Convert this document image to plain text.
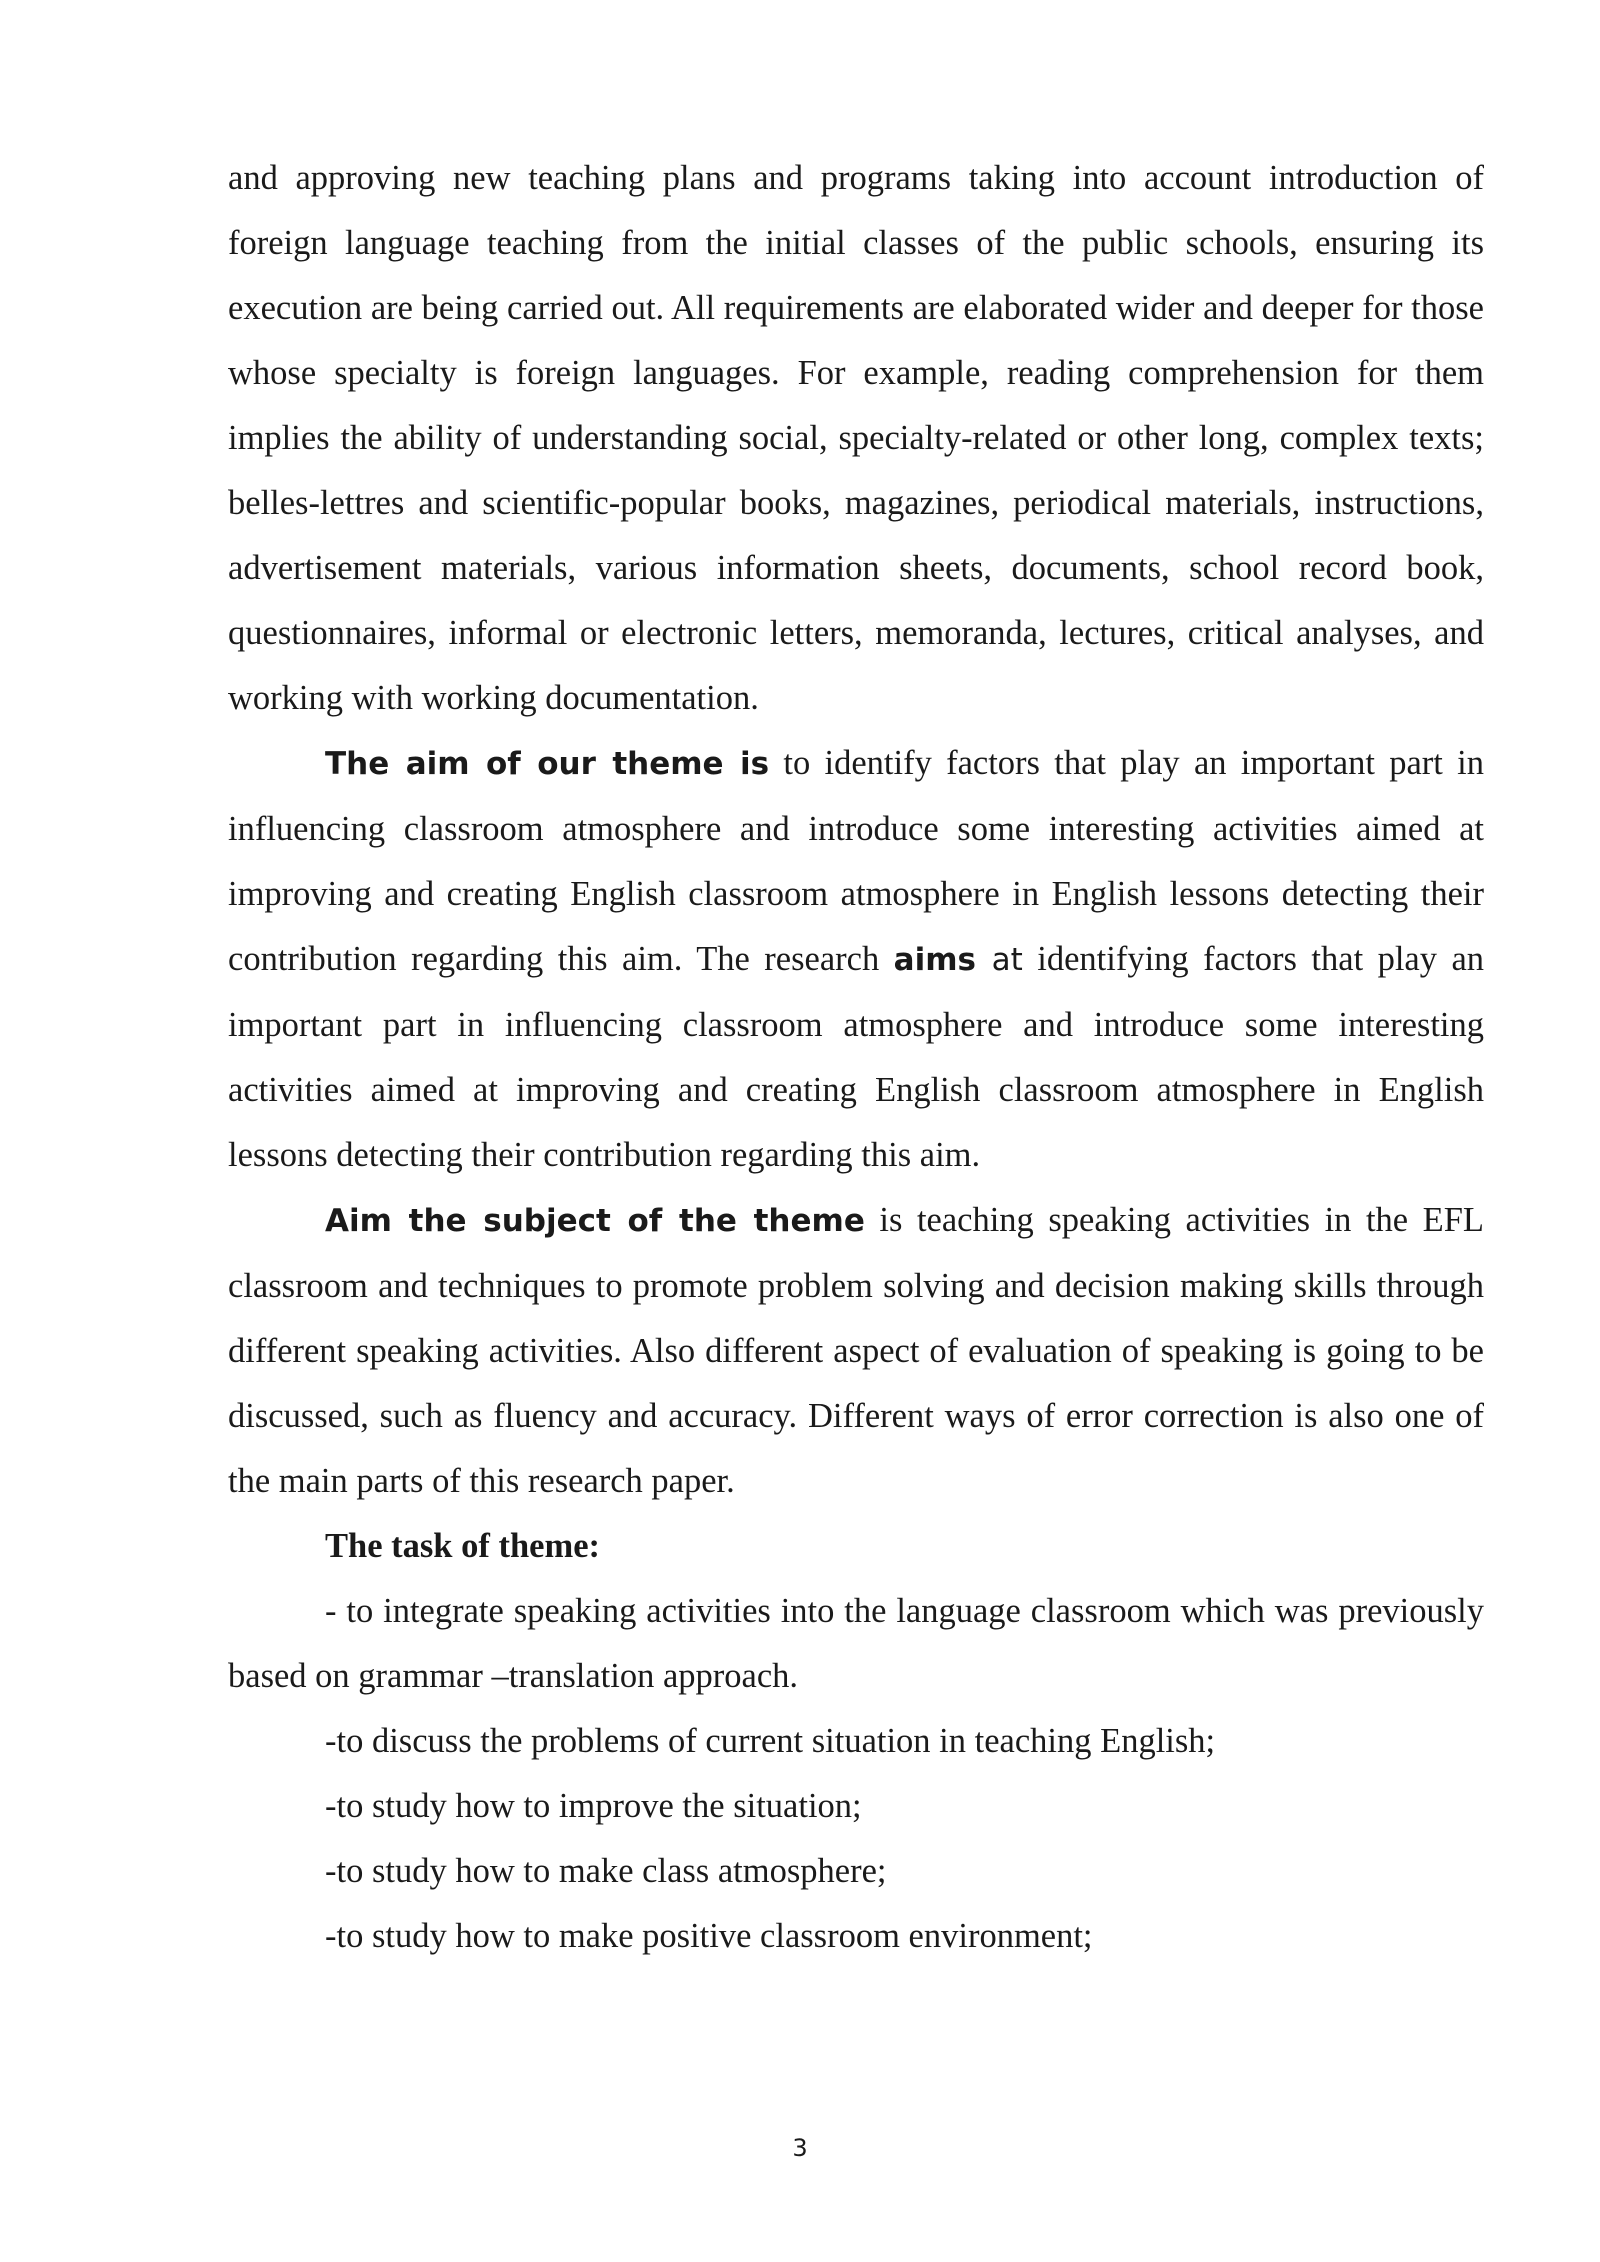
and approving new teaching plans and programs taking into account introduction of foreign language teaching from the initial classes of the public schools, ensuring its execution are being carried out. All requirements are elaborated wider and deeper for those whose specialty is foreign languages. For example, reading comprehension for them implies the ability of understanding social, specialty-related or other long, complex texts; belles-lettres and scientific-popular books, magazines, periodical materials, instructions, advertisement materials, various information sheets, documents, school record book, questionnaires, informal or electronic letters, memoranda, lectures, critical analyses, and working with working documentation.

The aim of our theme is to identify factors that play an important part in influencing classroom atmosphere and introduce some interesting activities aimed at improving and creating English classroom atmosphere in English lessons detecting their contribution regarding this aim. The research aims at identifying factors that play an important part in influencing classroom atmosphere and introduce some interesting activities aimed at improving and creating English classroom atmosphere in English lessons detecting their contribution regarding this aim.

Aim the subject of the theme is teaching speaking activities in the EFL classroom and techniques to promote problem solving and decision making skills through different speaking activities. Also different aspect of evaluation of speaking is going to be discussed, such as fluency and accuracy. Different ways of error correction is also one of the main parts of this research paper.

The task of theme:

- to integrate speaking activities into the language classroom which was previously based on grammar –translation approach.

-to discuss the problems of current situation in teaching English;

-to study how to improve the situation;

-to study how to make class atmosphere;

-to study how to make positive classroom environment;

3
